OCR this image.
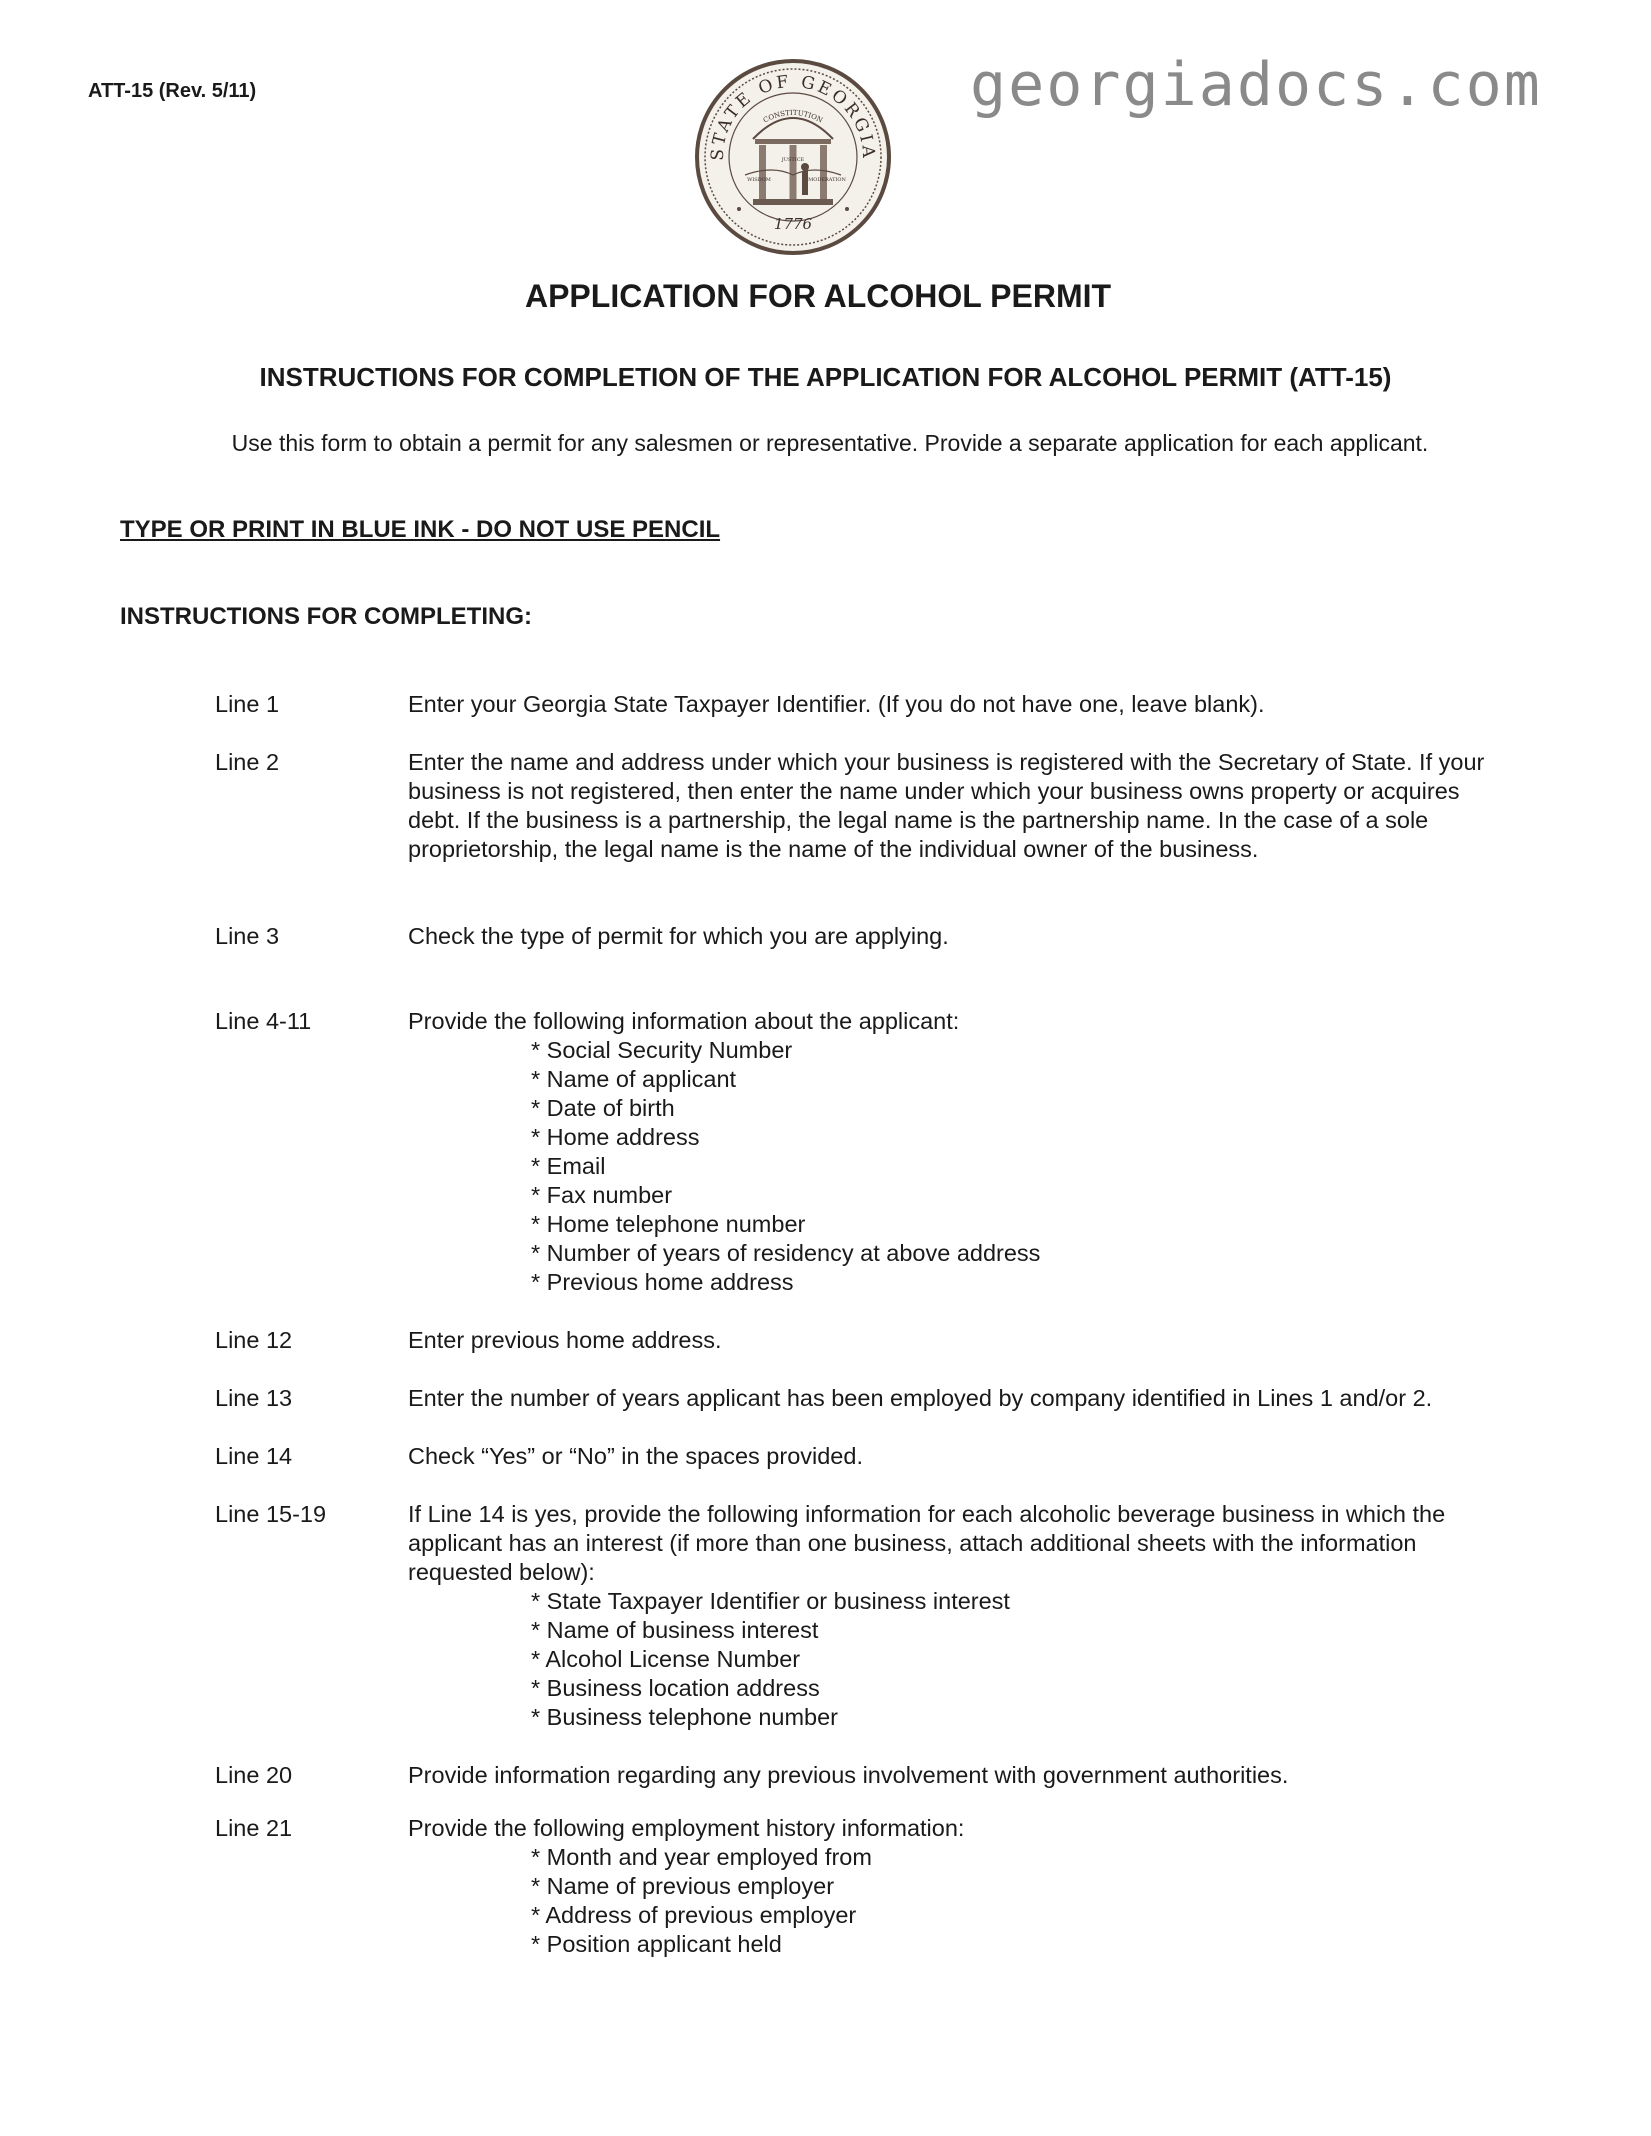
ATT-15 (Rev. 5/11)
STATE OF GEORGIA
CONSTITUTION
WISDOM
JUSTICE
MODERATION
1776
georgiadocs.com
APPLICATION FOR ALCOHOL PERMIT
INSTRUCTIONS FOR COMPLETION OF THE APPLICATION FOR ALCOHOL PERMIT (ATT-15)
Use this form to obtain a permit for any salesmen or representative. Provide a separate application for each applicant.
TYPE OR PRINT IN BLUE INK - DO NOT USE PENCIL
INSTRUCTIONS FOR COMPLETING:
Line 1	Enter your Georgia State Taxpayer Identifier. (If you do not have one, leave blank).
Line 2	Enter the name and address under which your business is registered with the Secretary of State. If your business is not registered, then enter the name under which your business owns property or acquires debt. If the business is a partnership, the legal name is the partnership name. In the case of a sole proprietorship, the legal name is the name of the individual owner of the business.
Line 3	Check the type of permit for which you are applying.
Line 4-11	Provide the following information about the applicant:
* Social Security Number
* Name of applicant
* Date of birth
* Home address
* Email
* Fax number
* Home telephone number
* Number of years of residency at above address
* Previous home address
Line 12	Enter previous home address.
Line 13	Enter the number of years applicant has been employed by company identified in Lines 1 and/or 2.
Line 14	Check “Yes” or “No” in the spaces provided.
Line 15-19	If Line 14 is yes, provide the following information for each alcoholic beverage business in which the applicant has an interest (if more than one business, attach additional sheets with the information requested below):
* State Taxpayer Identifier or business interest
* Name of business interest
* Alcohol License Number
* Business location address
* Business telephone number
Line 20	Provide information regarding any previous involvement with government authorities.
Line 21	Provide the following employment history information:
* Month and year employed from
* Name of previous employer
* Address of previous employer
* Position applicant held
